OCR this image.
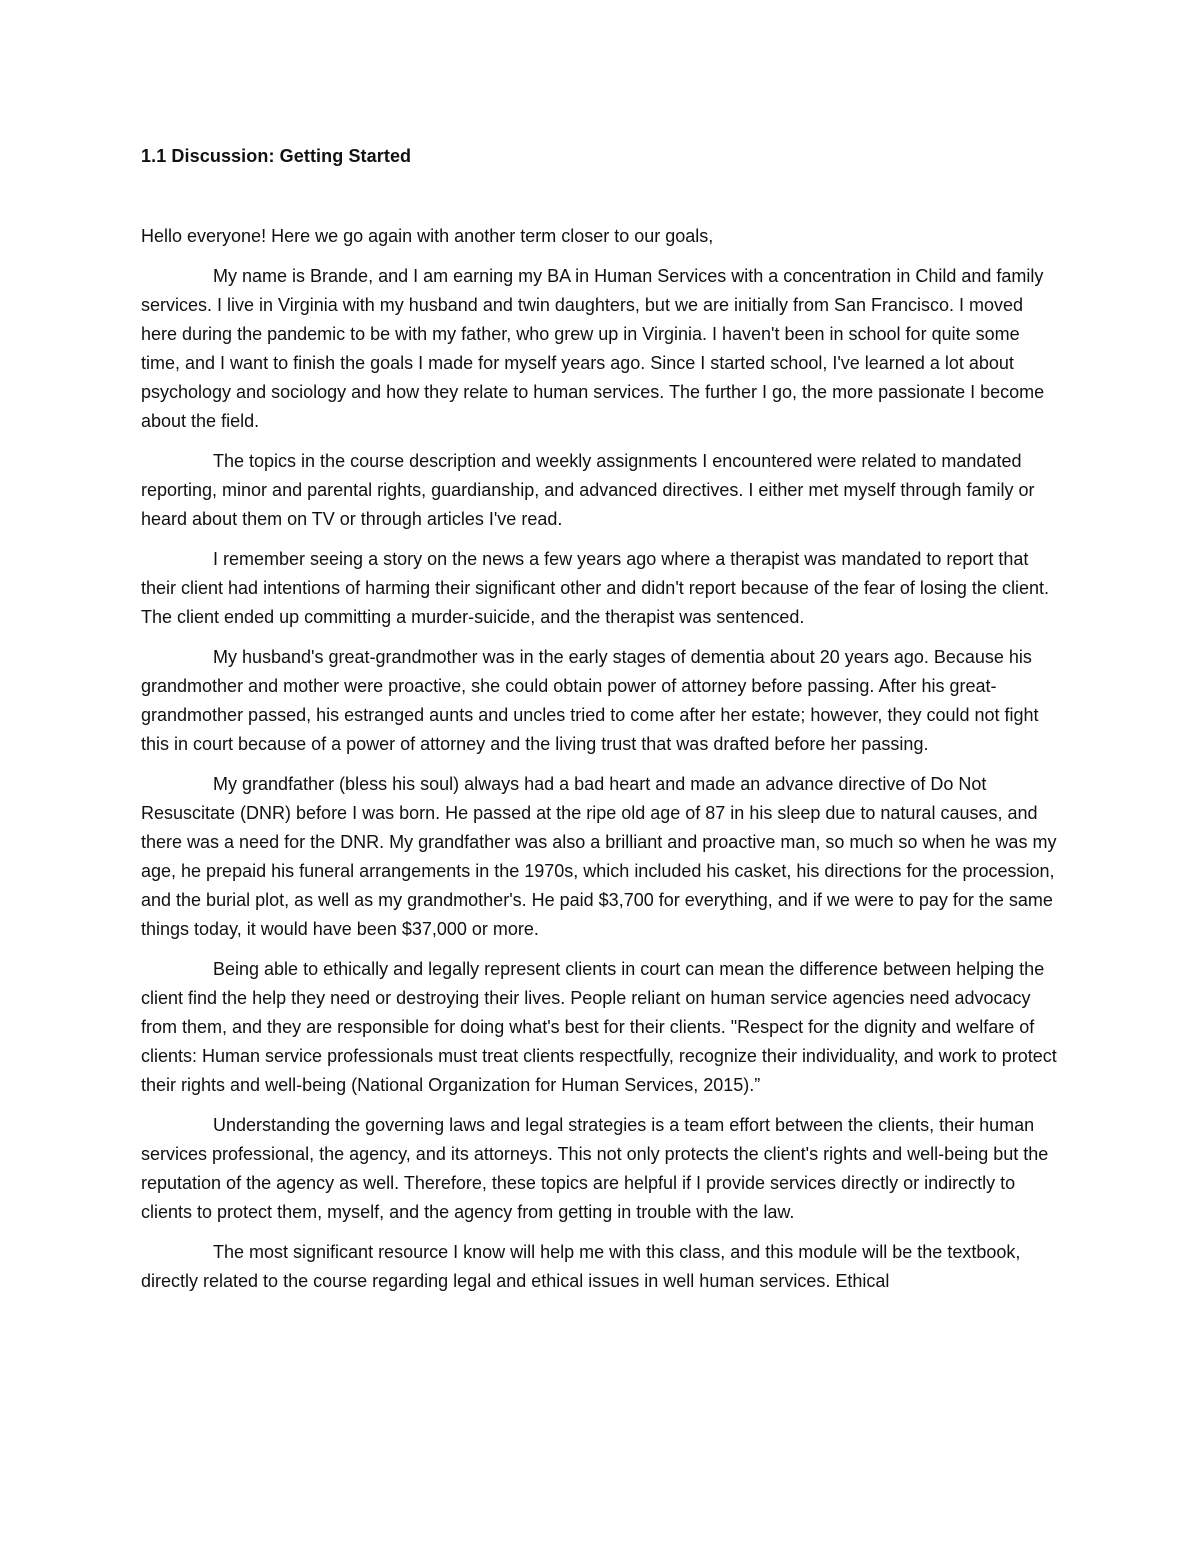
1.1 Discussion: Getting Started
Hello everyone! Here we go again with another term closer to our goals,

My name is Brande, and I am earning my BA in Human Services with a concentration in Child and family services. I live in Virginia with my husband and twin daughters, but we are initially from San Francisco. I moved here during the pandemic to be with my father, who grew up in Virginia. I haven't been in school for quite some time, and I want to finish the goals I made for myself years ago. Since I started school, I've learned a lot about psychology and sociology and how they relate to human services. The further I go, the more passionate I become about the field.

The topics in the course description and weekly assignments I encountered were related to mandated reporting, minor and parental rights, guardianship, and advanced directives. I either met myself through family or heard about them on TV or through articles I've read.

I remember seeing a story on the news a few years ago where a therapist was mandated to report that their client had intentions of harming their significant other and didn't report because of the fear of losing the client. The client ended up committing a murder-suicide, and the therapist was sentenced.

My husband's great-grandmother was in the early stages of dementia about 20 years ago. Because his grandmother and mother were proactive, she could obtain power of attorney before passing. After his great-grandmother passed, his estranged aunts and uncles tried to come after her estate; however, they could not fight this in court because of a power of attorney and the living trust that was drafted before her passing.

My grandfather (bless his soul) always had a bad heart and made an advance directive of Do Not Resuscitate (DNR) before I was born. He passed at the ripe old age of 87 in his sleep due to natural causes, and there was a need for the DNR. My grandfather was also a brilliant and proactive man, so much so when he was my age, he prepaid his funeral arrangements in the 1970s, which included his casket, his directions for the procession, and the burial plot, as well as my grandmother's. He paid $3,700 for everything, and if we were to pay for the same things today, it would have been $37,000 or more.

Being able to ethically and legally represent clients in court can mean the difference between helping the client find the help they need or destroying their lives. People reliant on human service agencies need advocacy from them, and they are responsible for doing what's best for their clients. "Respect for the dignity and welfare of clients: Human service professionals must treat clients respectfully, recognize their individuality, and work to protect their rights and well-being (National Organization for Human Services, 2015).”

Understanding the governing laws and legal strategies is a team effort between the clients, their human services professional, the agency, and its attorneys. This not only protects the client's rights and well-being but the reputation of the agency as well. Therefore, these topics are helpful if I provide services directly or indirectly to clients to protect them, myself, and the agency from getting in trouble with the law.

The most significant resource I know will help me with this class, and this module will be the textbook, directly related to the course regarding legal and ethical issues in well human services. Ethical
